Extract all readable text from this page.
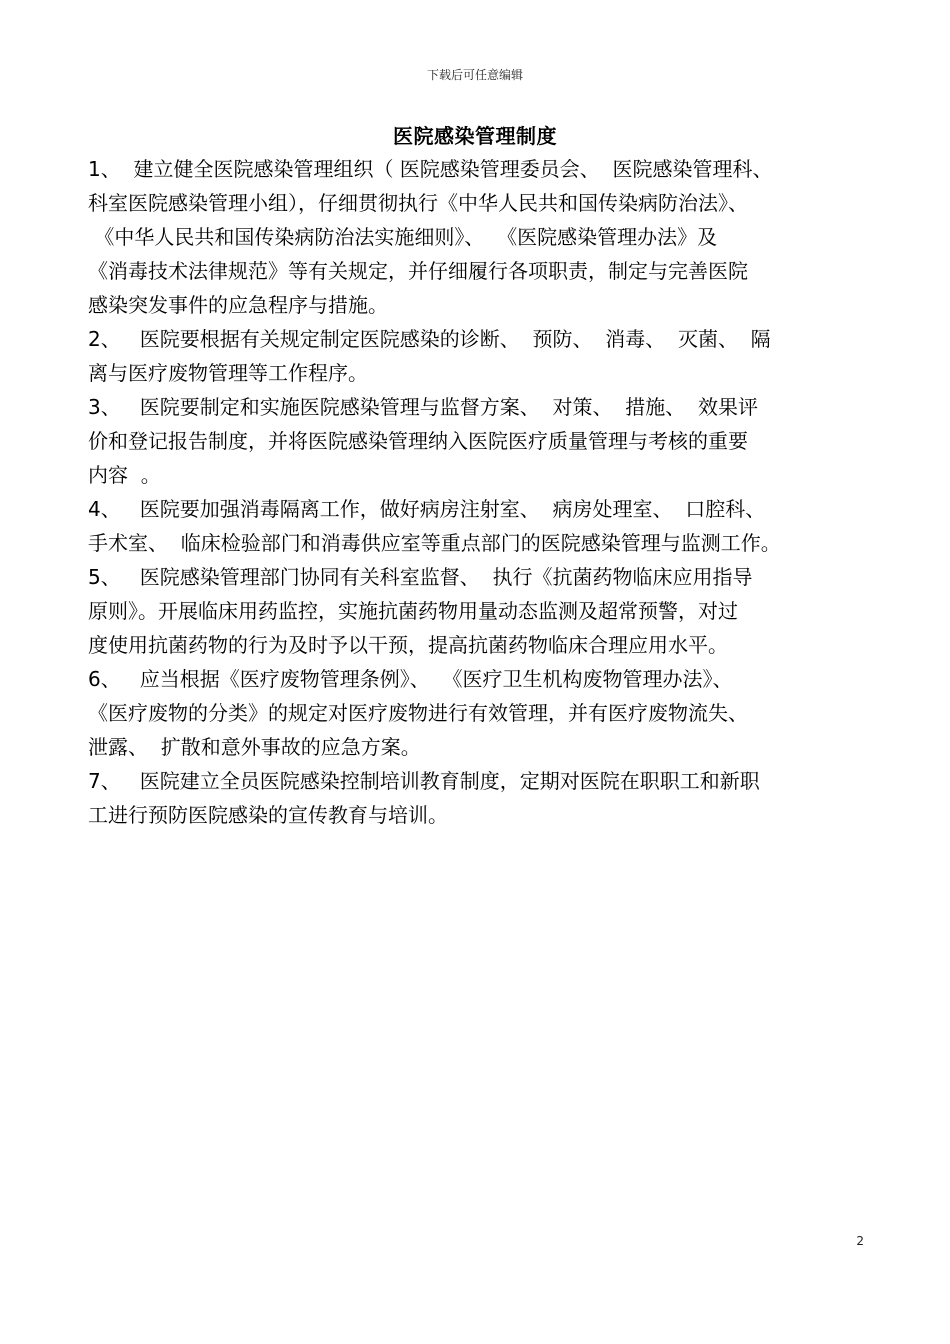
下载后可任意编辑
医院感染管理制度
1、  建立健全医院感染管理组织（ 医院感染管理委员会、  医院感染管理科、
科室医院感染管理小组），仔细贯彻执行《中华人民共和国传染病防治法》、
《中华人民共和国传染病防治法实施细则》、  《医院感染管理办法》及
《消毒技术法律规范》等有关规定，并仔细履行各项职责，制定与完善医院
感染突发事件的应急程序与措施。
2、   医院要根据有关规定制定医院感染的诊断、  预防、  消毒、  灭菌、  隔
离与医疗废物管理等工作程序。
3、   医院要制定和实施医院感染管理与监督方案、  对策、  措施、  效果评
价和登记报告制度，并将医院感染管理纳入医院医疗质量管理与考核的重要
内容  。
4、   医院要加强消毒隔离工作，做好病房注射室、  病房处理室、  口腔科、
手术室、  临床检验部门和消毒供应室等重点部门的医院感染管理与监测工作。
5、   医院感染管理部门协同有关科室监督、  执行《抗菌药物临床应用指导
原则》。开展临床用药监控，实施抗菌药物用量动态监测及超常预警，对过
度使用抗菌药物的行为及时予以干预，提高抗菌药物临床合理应用水平。
6、   应当根据《医疗废物管理条例》、  《医疗卫生机构废物管理办法》、
《医疗废物的分类》的规定对医疗废物进行有效管理，并有医疗废物流失、
泄露、  扩散和意外事故的应急方案。
7、   医院建立全员医院感染控制培训教育制度，定期对医院在职职工和新职
工进行预防医院感染的宣传教育与培训。
2
